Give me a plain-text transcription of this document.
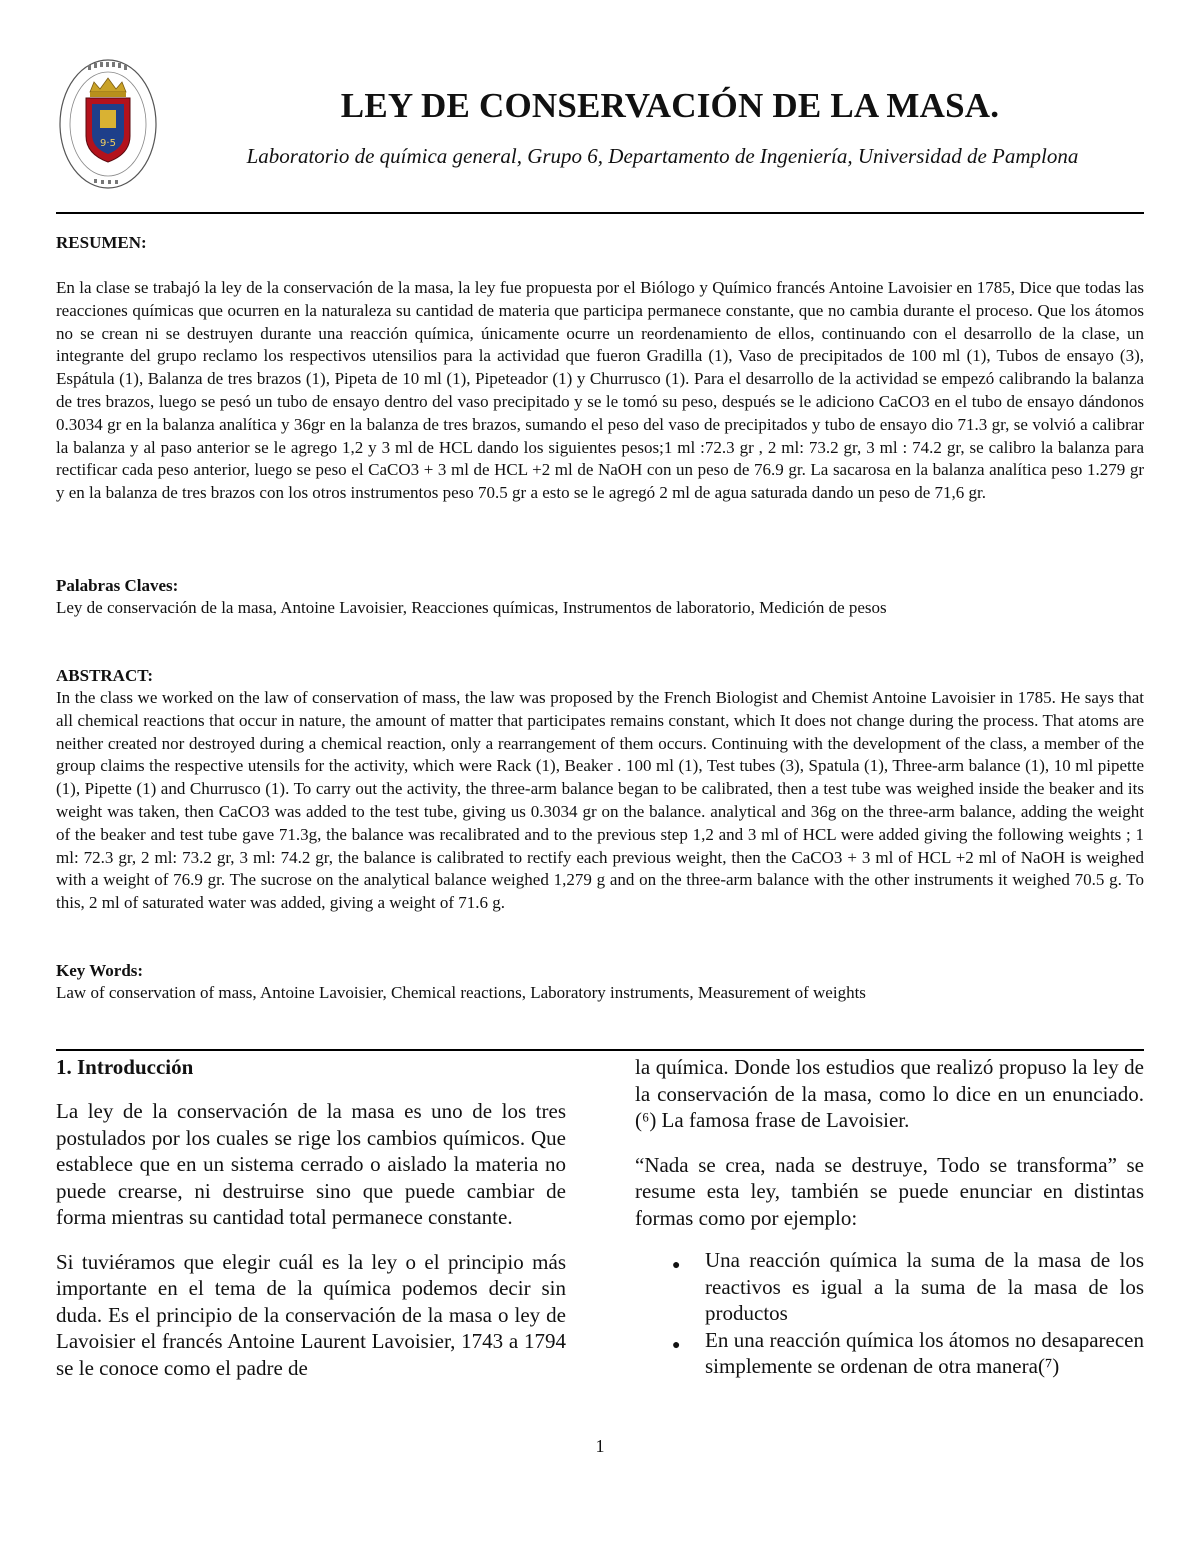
9·5
LEY DE CONSERVACIÓN DE LA MASA.

Laboratorio de química general, Grupo 6, Departamento de Ingeniería, Universidad de Pamplona

RESUMEN:

En la clase se trabajó la ley de la conservación de la masa, la ley fue propuesta por el Biólogo y Químico francés Antoine Lavoisier en 1785, Dice que todas las reacciones químicas que ocurren en la naturaleza su cantidad de materia que participa permanece constante, que no cambia durante el proceso. Que los átomos no se crean ni se destruyen durante una reacción química, únicamente ocurre un reordenamiento de ellos, continuando con el desarrollo de la clase, un integrante del grupo reclamo los respectivos utensilios para la actividad que fueron Gradilla (1), Vaso de precipitados de 100 ml (1), Tubos de ensayo (3), Espátula (1), Balanza de tres brazos (1), Pipeta de 10 ml (1), Pipeteador (1) y Churrusco (1). Para el desarrollo de la actividad se empezó calibrando la balanza de tres brazos, luego se pesó un tubo de ensayo dentro del vaso precipitado y se le tomó su peso, después se le adiciono CaCO3 en el tubo de ensayo dándonos 0.3034 gr en la balanza analítica y 36gr en la balanza de tres brazos, sumando el peso del vaso de precipitados y tubo de ensayo dio 71.3 gr, se volvió a calibrar la balanza y al paso anterior se le agrego 1,2 y 3 ml de HCL dando los siguientes pesos;1 ml :72.3 gr , 2 ml: 73.2 gr, 3 ml : 74.2 gr, se calibro la balanza para rectificar cada peso anterior, luego se peso el CaCO3 + 3 ml de HCL +2 ml de NaOH con un peso de 76.9 gr. La sacarosa en la balanza analítica peso 1.279 gr y en la balanza de tres brazos con los otros instrumentos peso 70.5 gr a esto se le agregó 2 ml de agua saturada dando un peso de 71,6 gr.

Palabras Claves:

Ley de conservación de la masa, Antoine Lavoisier, Reacciones químicas, Instrumentos de laboratorio, Medición de pesos

ABSTRACT:

In the class we worked on the law of conservation of mass, the law was proposed by the French Biologist and Chemist Antoine Lavoisier in 1785. He says that all chemical reactions that occur in nature, the amount of matter that participates remains constant, which It does not change during the process. That atoms are neither created nor destroyed during a chemical reaction, only a rearrangement of them occurs. Continuing with the development of the class, a member of the group claims the respective utensils for the activity, which were Rack (1), Beaker . 100 ml (1), Test tubes (3), Spatula (1), Three-arm balance (1), 10 ml pipette (1), Pipette (1) and Churrusco (1). To carry out the activity, the three-arm balance began to be calibrated, then a test tube was weighed inside the beaker and its weight was taken, then CaCO3 was added to the test tube, giving us 0.3034 gr on the balance. analytical and 36g on the three-arm balance, adding the weight of the beaker and test tube gave 71.3g, the balance was recalibrated and to the previous step 1,2 and 3 ml of HCL were added giving the following weights ; 1 ml: 72.3 gr, 2 ml: 73.2 gr, 3 ml: 74.2 gr, the balance is calibrated to rectify each previous weight, then the CaCO3 + 3 ml of HCL +2 ml of NaOH is weighed with a weight of 76.9 gr. The sucrose on the analytical balance weighed 1,279 g and on the three-arm balance with the other instruments it weighed 70.5 g. To this, 2 ml of saturated water was added, giving a weight of 71.6 g.

Key Words:

Law of conservation of mass, Antoine Lavoisier, Chemical reactions, Laboratory instruments, Measurement of weights

1. Introducción

La ley de la conservación de la masa es uno de los tres postulados por los cuales se rige los cambios químicos. Que establece que en un sistema cerrado o aislado la materia no puede crearse, ni destruirse sino que puede cambiar de forma mientras su cantidad total permanece constante.

Si tuviéramos que elegir cuál es la ley o el principio más importante en el tema de la química podemos decir sin duda. Es el principio de la conservación de la masa o ley de Lavoisier el francés Antoine Laurent Lavoisier, 1743 a 1794 se le conoce como el padre de

la química. Donde los estudios que realizó propuso la ley de la conservación de la masa, como lo dice en un enunciado.(⁶) La famosa frase de Lavoisier.

“Nada se crea, nada se destruye, Todo se transforma” se resume esta ley, también se puede enunciar en distintas formas como por ejemplo:

● Una reacción química la suma de la masa de los reactivos es igual a la suma de la masa de los productos
● En una reacción química los átomos no desaparecen simplemente se ordenan de otra manera(⁷)

1
